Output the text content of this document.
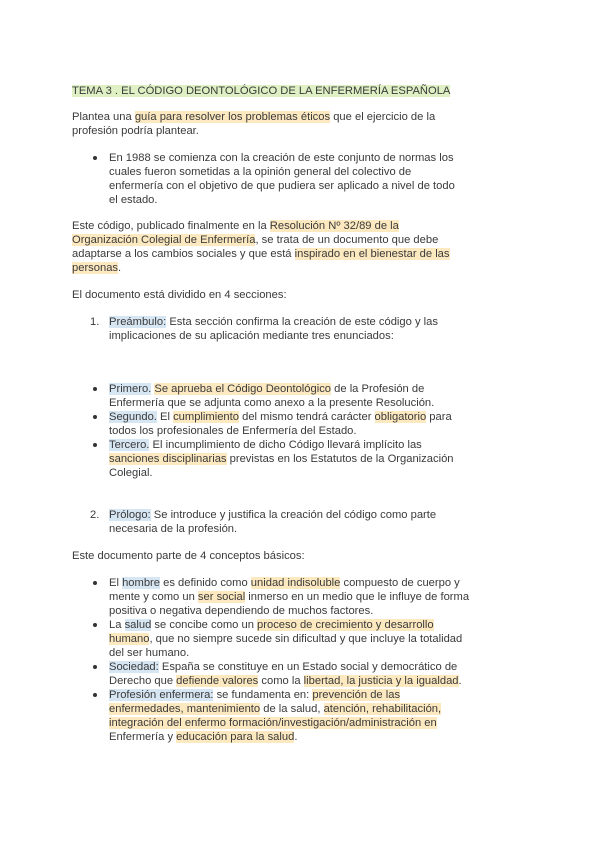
TEMA 3 . EL CÓDIGO DEONTOLÓGICO DE LA ENFERMERÍA ESPAÑOLA
Plantea una guía para resolver los problemas éticos que el ejercicio de la
profesión podría plantear.
En 1988 se comienza con la creación de este conjunto de normas los
cuales fueron sometidas a la opinión general del colectivo de
enfermería con el objetivo de que pudiera ser aplicado a nivel de todo
el estado.
Este código, publicado finalmente en la Resolución Nº 32/89 de la
Organización Colegial de Enfermería, se trata de un documento que debe
adaptarse a los cambios sociales y que está inspirado en el bienestar de las
personas.
El documento está dividido en 4 secciones:
1. Preámbulo: Esta sección confirma la creación de este código y las
implicaciones de su aplicación mediante tres enunciados:
Primero. Se aprueba el Código Deontológico de la Profesión de
Enfermería que se adjunta como anexo a la presente Resolución.
Segundo. El cumplimiento del mismo tendrá carácter obligatorio para
todos los profesionales de Enfermería del Estado.
Tercero. El incumplimiento de dicho Código llevará implícito las
sanciones disciplinarias previstas en los Estatutos de la Organización
Colegial.
2. Prólogo: Se introduce y justifica la creación del código como parte
necesaria de la profesión.
Este documento parte de 4 conceptos básicos:
El hombre es definido como unidad indisoluble compuesto de cuerpo y
mente y como un ser social inmerso en un medio que le influye de forma
positiva o negativa dependiendo de muchos factores.
La salud se concibe como un proceso de crecimiento y desarrollo
humano, que no siempre sucede sin dificultad y que incluye la totalidad
del ser humano.
Sociedad: España se constituye en un Estado social y democrático de
Derecho que defiende valores como la libertad, la justicia y la igualdad.
Profesión enfermera: se fundamenta en: prevención de las
enfermedades, mantenimiento de la salud, atención, rehabilitación,
integración del enfermo formación/investigación/administración en
Enfermería y educación para la salud.
